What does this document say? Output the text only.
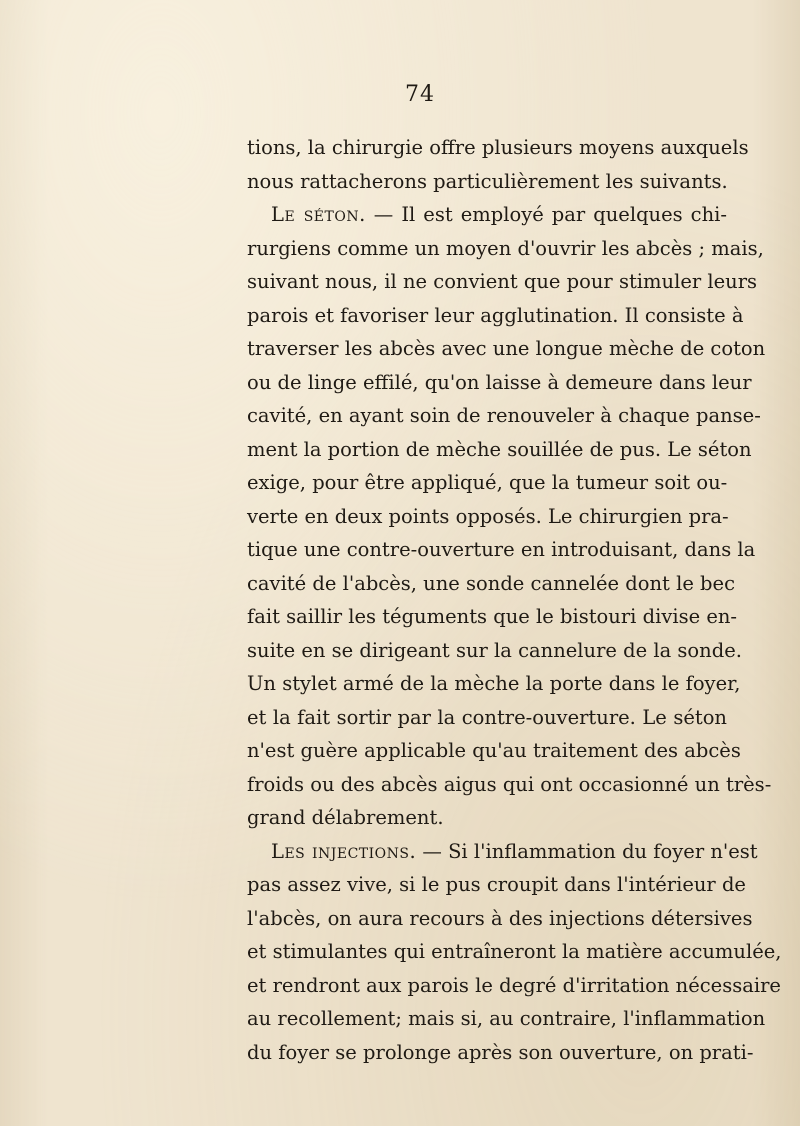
74
tions, la chirurgie offre plusieurs moyens auxquels
nous rattacherons particulièrement les suivants.
Le séton. — Il est employé par quelques chi-
rurgiens comme un moyen d'ouvrir les abcès ; mais,
suivant nous, il ne convient que pour stimuler leurs
parois et favoriser leur agglutination. Il consiste à
traverser les abcès avec une longue mèche de coton
ou de linge effilé, qu'on laisse à demeure dans leur
cavité, en ayant soin de renouveler à chaque panse-
ment la portion de mèche souillée de pus. Le séton
exige, pour être appliqué, que la tumeur soit ou-
verte en deux points opposés. Le chirurgien pra-
tique une contre-ouverture en introduisant, dans la
cavité de l'abcès, une sonde cannelée dont le bec
fait saillir les téguments que le bistouri divise en-
suite en se dirigeant sur la cannelure de la sonde.
Un stylet armé de la mèche la porte dans le foyer,
et la fait sortir par la contre-ouverture. Le séton
n'est guère applicable qu'au traitement des abcès
froids ou des abcès aigus qui ont occasionné un très-
grand délabrement.
Les injections. — Si l'inflammation du foyer n'est
pas assez vive, si le pus croupit dans l'intérieur de
l'abcès, on aura recours à des injections détersives
et stimulantes qui entraîneront la matière accumulée,
et rendront aux parois le degré d'irritation nécessaire
au recollement; mais si, au contraire, l'inflammation
du foyer se prolonge après son ouverture, on prati-
